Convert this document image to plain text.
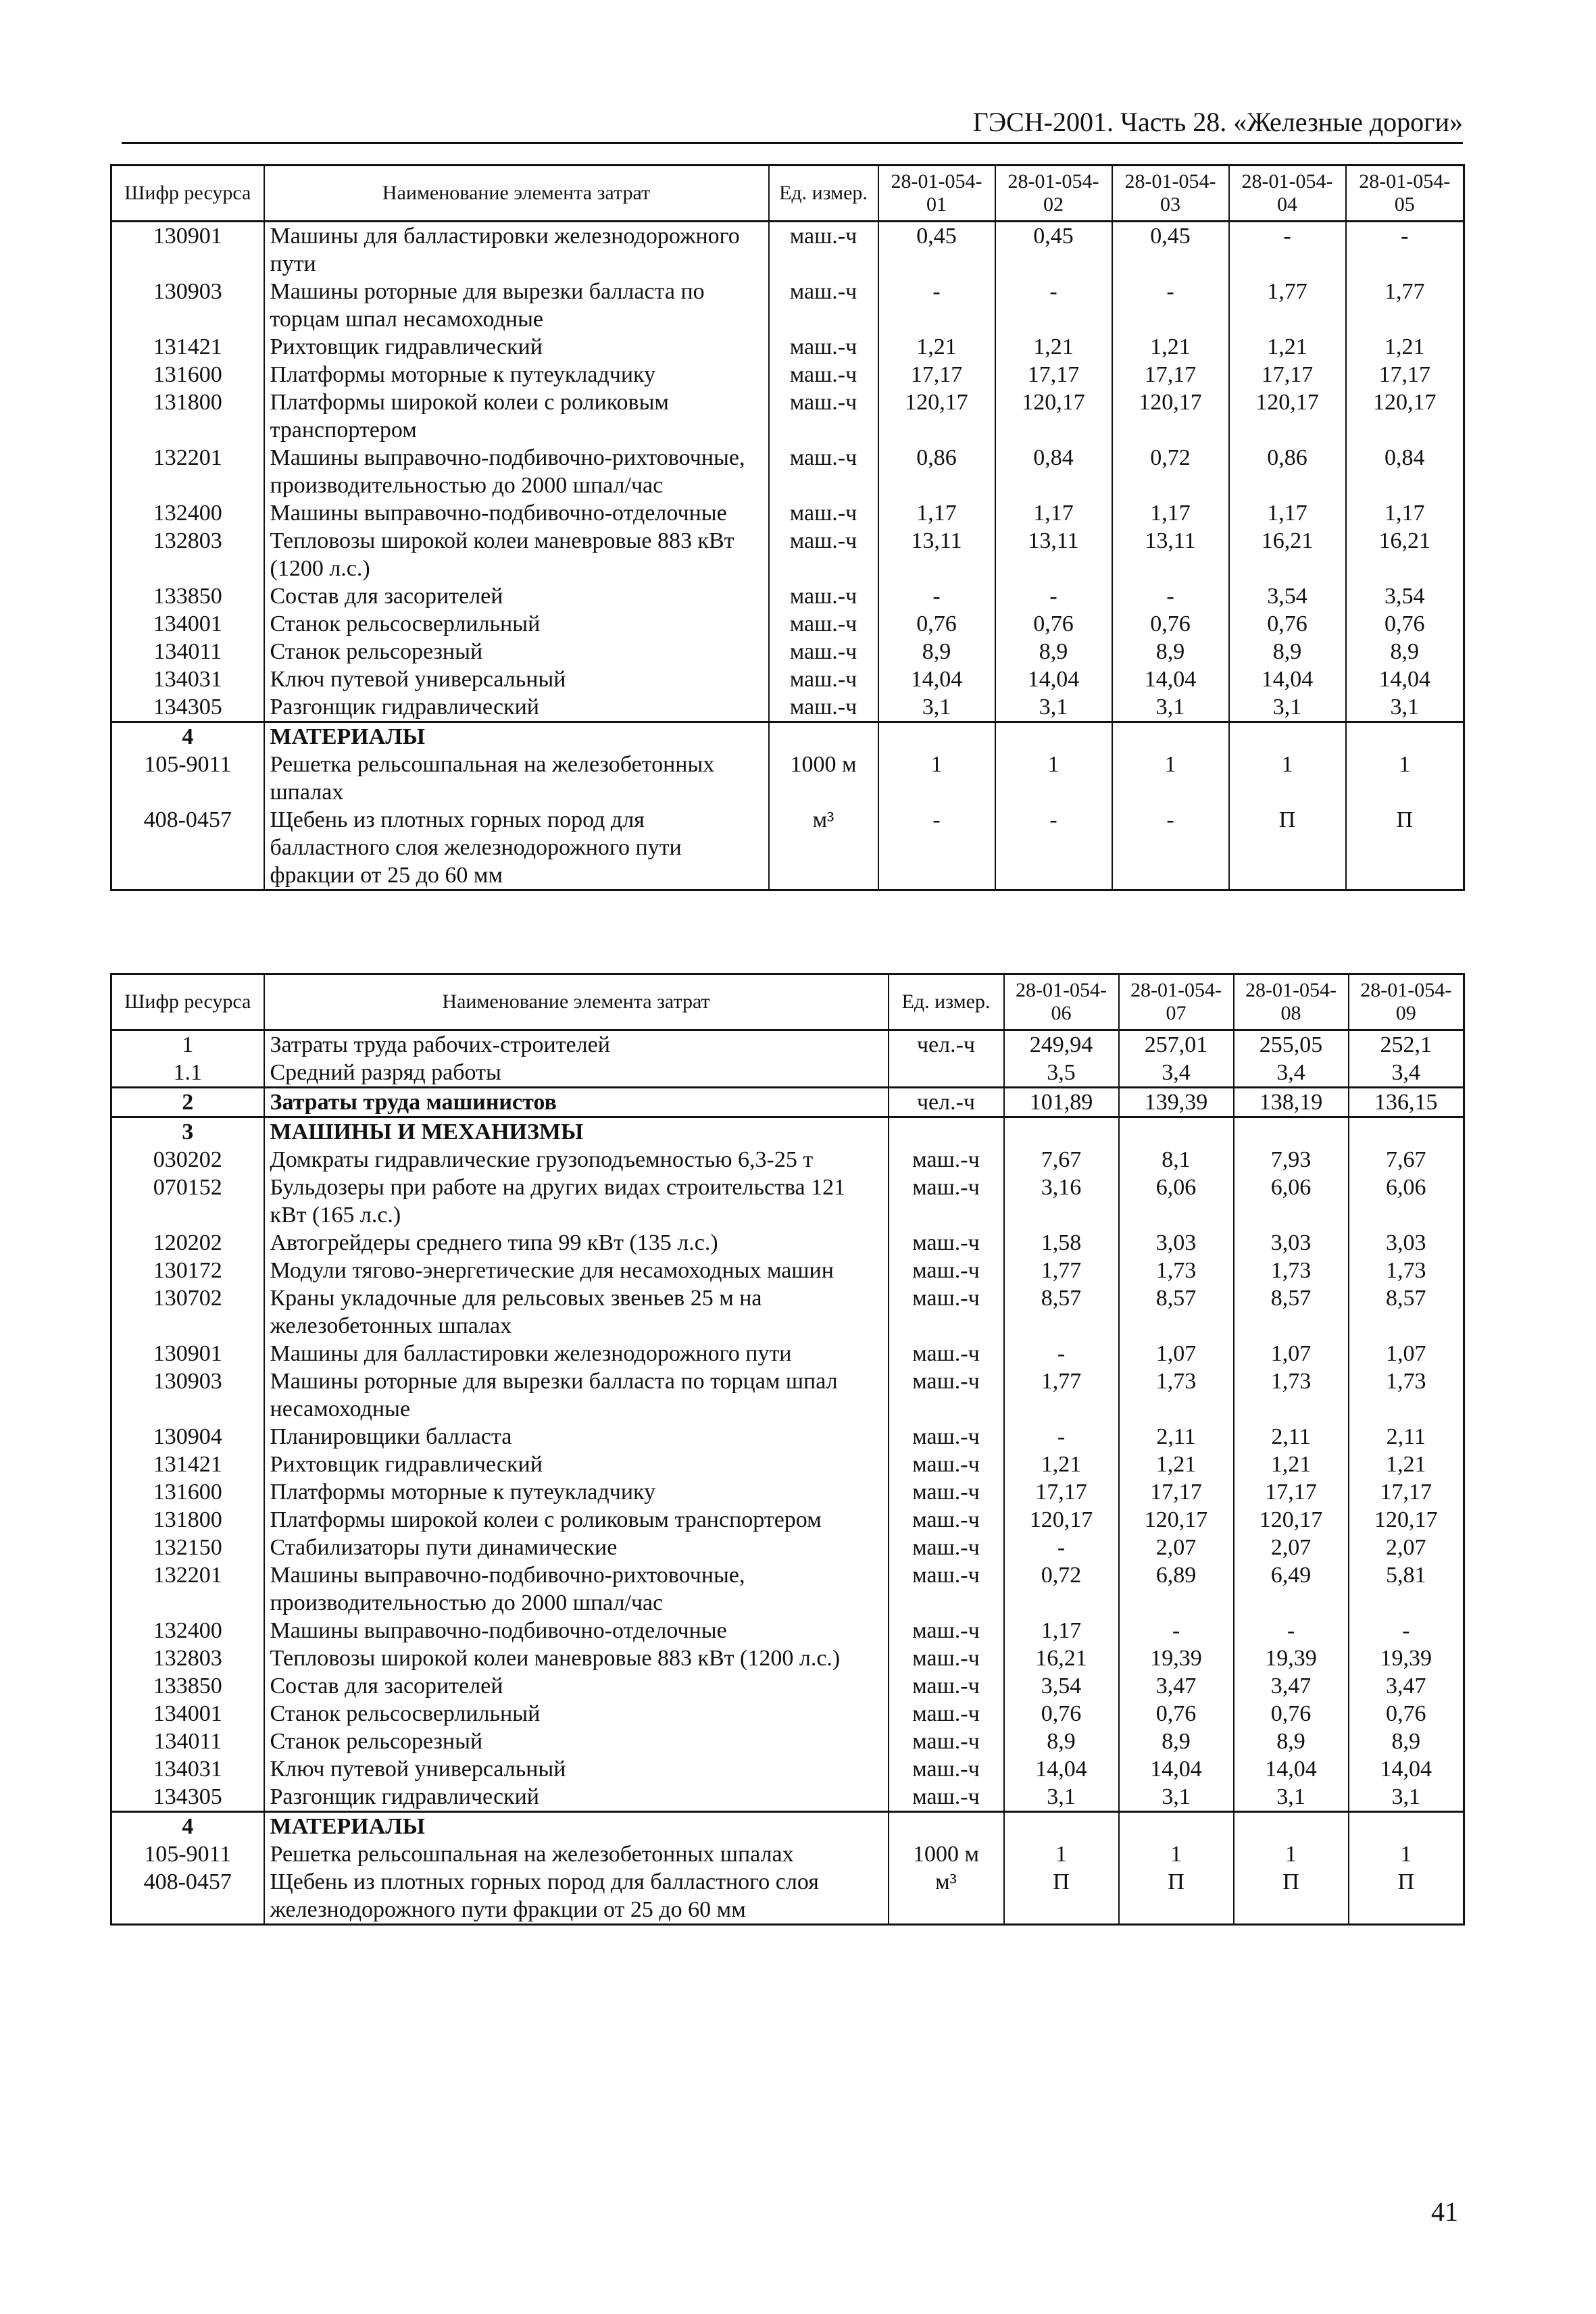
ГЭСН-2001. Часть 28. «Железные дороги»
Шифр ресурса	Наименование элемента затрат	Ед. измер.	28-01-054-01	28-01-054-02	28-01-054-03	28-01-054-04	28-01-054-05
130901	Машины для балластировки железнодорожного пути	маш.-ч	0,45	0,45	0,45	-	-
130903	Машины роторные для вырезки балласта по торцам шпал несамоходные	маш.-ч	-	-	-	1,77	1,77
131421	Рихтовщик гидравлический	маш.-ч	1,21	1,21	1,21	1,21	1,21
131600	Платформы моторные к путеукладчику	маш.-ч	17,17	17,17	17,17	17,17	17,17
131800	Платформы широкой колеи с роликовым транспортером	маш.-ч	120,17	120,17	120,17	120,17	120,17
132201	Машины выправочно-подбивочно-рихтовочные, производительностью до 2000 шпал/час	маш.-ч	0,86	0,84	0,72	0,86	0,84
132400	Машины выправочно-подбивочно-отделочные	маш.-ч	1,17	1,17	1,17	1,17	1,17
132803	Тепловозы широкой колеи маневровые 883 кВт (1200 л.с.)	маш.-ч	13,11	13,11	13,11	16,21	16,21
133850	Состав для засорителей	маш.-ч	-	-	-	3,54	3,54
134001	Станок рельсосверлильный	маш.-ч	0,76	0,76	0,76	0,76	0,76
134011	Станок рельсорезный	маш.-ч	8,9	8,9	8,9	8,9	8,9
134031	Ключ путевой универсальный	маш.-ч	14,04	14,04	14,04	14,04	14,04
134305	Разгонщик гидравлический	маш.-ч	3,1	3,1	3,1	3,1	3,1
4	МАТЕРИАЛЫ						
105-9011	Решетка рельсошпальная на железобетонных шпалах	1000 м	1	1	1	1	1
408-0457	Щебень из плотных горных пород для балластного слоя железнодорожного пути фракции от 25 до 60 мм	м³	-	-	-	П	П
Шифр ресурса	Наименование элемента затрат	Ед. измер.	28-01-054-06	28-01-054-07	28-01-054-08	28-01-054-09
1	Затраты труда рабочих-строителей	чел.-ч	249,94	257,01	255,05	252,1
1.1	Средний разряд работы		3,5	3,4	3,4	3,4
2	Затраты труда машинистов	чел.-ч	101,89	139,39	138,19	136,15
3	МАШИНЫ И МЕХАНИЗМЫ					
030202	Домкраты гидравлические грузоподъемностью 6,3-25 т	маш.-ч	7,67	8,1	7,93	7,67
070152	Бульдозеры при работе на других видах строительства 121 кВт (165 л.с.)	маш.-ч	3,16	6,06	6,06	6,06
120202	Автогрейдеры среднего типа 99 кВт (135 л.с.)	маш.-ч	1,58	3,03	3,03	3,03
130172	Модули тягово-энергетические для несамоходных машин	маш.-ч	1,77	1,73	1,73	1,73
130702	Краны укладочные для рельсовых звеньев 25 м на железобетонных шпалах	маш.-ч	8,57	8,57	8,57	8,57
130901	Машины для балластировки железнодорожного пути	маш.-ч	-	1,07	1,07	1,07
130903	Машины роторные для вырезки балласта по торцам шпал несамоходные	маш.-ч	1,77	1,73	1,73	1,73
130904	Планировщики балласта	маш.-ч	-	2,11	2,11	2,11
131421	Рихтовщик гидравлический	маш.-ч	1,21	1,21	1,21	1,21
131600	Платформы моторные к путеукладчику	маш.-ч	17,17	17,17	17,17	17,17
131800	Платформы широкой колеи с роликовым транспортером	маш.-ч	120,17	120,17	120,17	120,17
132150	Стабилизаторы пути динамические	маш.-ч	-	2,07	2,07	2,07
132201	Машины выправочно-подбивочно-рихтовочные, производительностью до 2000 шпал/час	маш.-ч	0,72	6,89	6,49	5,81
132400	Машины выправочно-подбивочно-отделочные	маш.-ч	1,17	-	-	-
132803	Тепловозы широкой колеи маневровые 883 кВт (1200 л.с.)	маш.-ч	16,21	19,39	19,39	19,39
133850	Состав для засорителей	маш.-ч	3,54	3,47	3,47	3,47
134001	Станок рельсосверлильный	маш.-ч	0,76	0,76	0,76	0,76
134011	Станок рельсорезный	маш.-ч	8,9	8,9	8,9	8,9
134031	Ключ путевой универсальный	маш.-ч	14,04	14,04	14,04	14,04
134305	Разгонщик гидравлический	маш.-ч	3,1	3,1	3,1	3,1
4	МАТЕРИАЛЫ					
105-9011	Решетка рельсошпальная на железобетонных шпалах	1000 м	1	1	1	1
408-0457	Щебень из плотных горных пород для балластного слоя железнодорожного пути фракции от 25 до 60 мм	м³	П	П	П	П
41
